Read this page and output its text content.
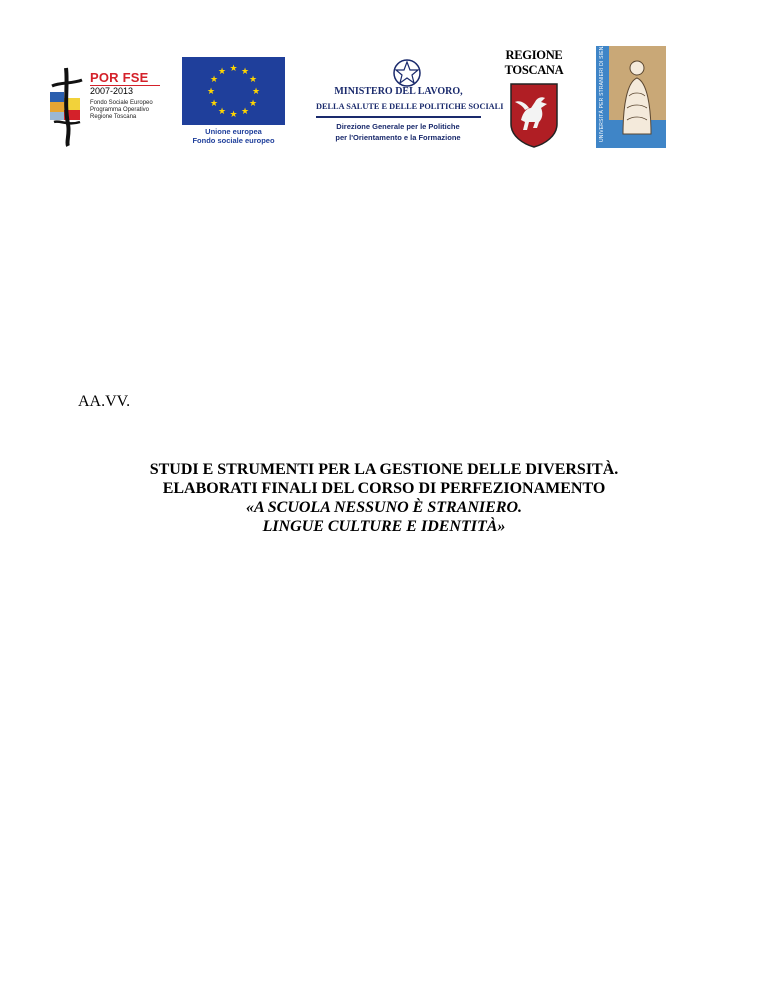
POR FSE
2007-2013
Fondo Sociale Europeo
Programma Operativo
Regione Toscana
★ ★
★
★
★
★
★
★
★
★
★
★
Unione europea
Fondo sociale europeo
MINISTERO DEL LAVORO,
DELLA SALUTE E DELLE POLITICHE SOCIALI
Direzione Generale per le Politiche
per l'Orientamento e la Formazione
REGIONE
TOSCANA	UNIVERSITÀ PER STRANIERI DI SIENA
AA.VV.
STUDI E STRUMENTI PER LA GESTIONE DELLE DIVERSITÀ.
ELABORATI FINALI DEL CORSO DI PERFEZIONAMENTO
«A SCUOLA NESSUNO È STRANIERO.
LINGUE CULTURE E IDENTITÀ»
